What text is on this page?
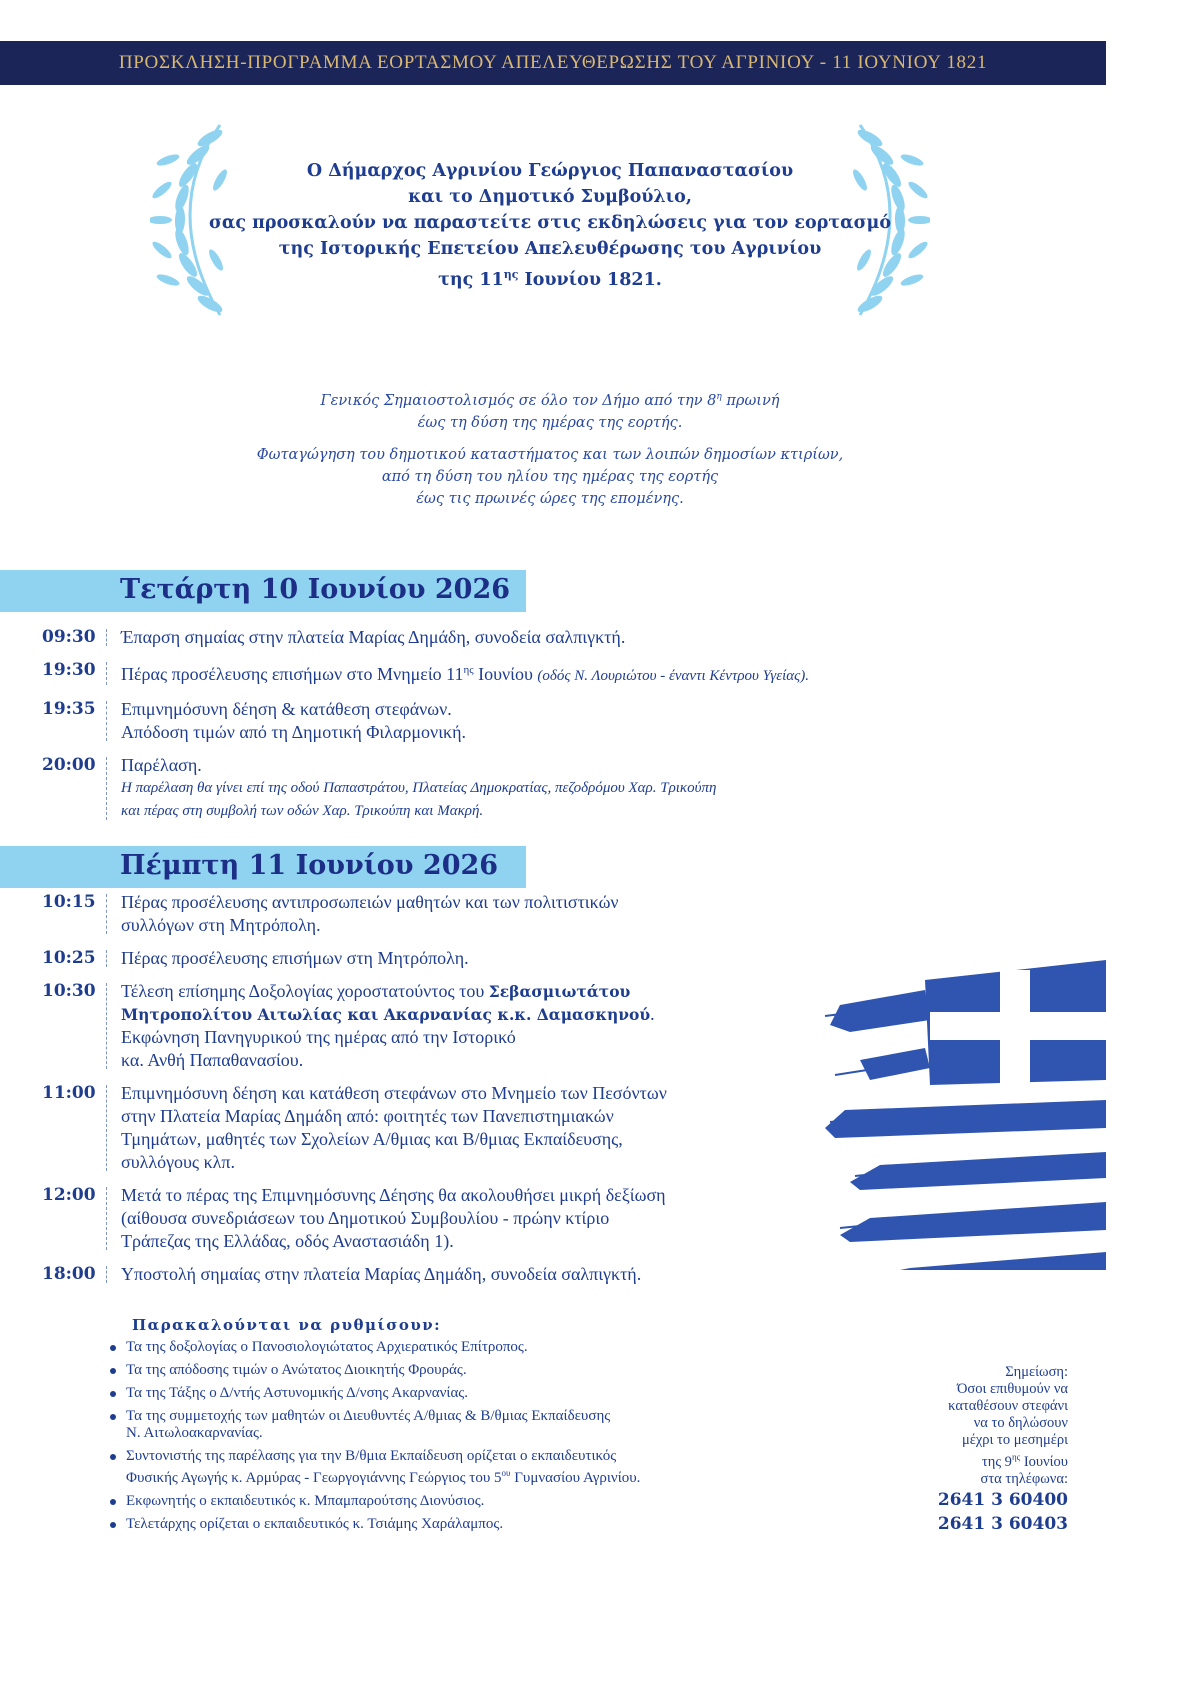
ΠΡΟΣΚΛΗΣΗ-ΠΡΟΓΡΑΜΜΑ ΕΟΡΤΑΣΜΟΥ ΑΠΕΛΕΥΘΕΡΩΣΗΣ ΤΟΥ ΑΓΡΙΝΙΟΥ - 11 ΙΟΥΝΙΟΥ 1821
Ο Δήμαρχος Αγρινίου Γεώργιος Παπαναστασίου
και το Δημοτικό Συμβούλιο,
σας προσκαλούν να παραστείτε στις εκδηλώσεις για τον εορτασμό
της Ιστορικής Επετείου Απελευθέρωσης του Αγρινίου
της $11^{\eta\varsigma}$ Ιουνίου 1821.

Γενικός Σημαιοστολισμός σε όλο τον Δήμο από την $8^\eta$ πρωινή
έως τη δύση της ημέρας της εορτής.

Φωταγώγηση του δημοτικού καταστήματος και των λοιπών δημοσίων κτιρίων,
από τη δύση του ηλίου της ημέρας της εορτής
έως τις πρωινές ώρες της επομένης.

Τετάρτη 10 Ιουνίου 2026
09:30	Έπαρση σημαίας στην πλατεία Μαρίας Δημάδη, συνοδεία σαλπιγκτή.
19:30	Πέρας προσέλευσης επισήμων στο Μνημείο $11^{\eta\varsigma}$ Ιουνίου (οδός Ν. Λουριώτου - έναντι Κέντρου Υγείας).
19:35	Επιμνημόσυνη δέηση & κατάθεση στεφάνων.
Απόδοση τιμών από τη Δημοτική Φιλαρμονική.
20:00	Παρέλαση.
Η παρέλαση θα γίνει επί της οδού Παπαστράτου, Πλατείας Δημοκρατίας, πεζοδρόμου Χαρ. Τρικούπη
και πέρας στη συμβολή των οδών Χαρ. Τρικούπη και Μακρή.
Πέμπτη 11 Ιουνίου 2026
10:15	Πέρας προσέλευσης αντιπροσωπειών μαθητών και των πολιτιστικών
συλλόγων στη Μητρόπολη.
10:25	Πέρας προσέλευσης επισήμων στη Μητρόπολη.
10:30	Τέλεση επίσημης Δοξολογίας χοροστατούντος του Σεβασμιωτάτου
Μητροπολίτου Αιτωλίας και Ακαρνανίας κ.κ. Δαμασκηνού.
Εκφώνηση Πανηγυρικού της ημέρας από την Ιστορικό
κα. Ανθή Παπαθανασίου.
11:00	Επιμνημόσυνη δέηση και κατάθεση στεφάνων στο Μνημείο των Πεσόντων
στην Πλατεία Μαρίας Δημάδη από: φοιτητές των Πανεπιστημιακών
Τμημάτων, μαθητές των Σχολείων Α/θμιας και Β/θμιας Εκπαίδευσης,
συλλόγους κλπ.
12:00	Μετά το πέρας της Επιμνημόσυνης Δέησης θα ακολουθήσει μικρή δεξίωση
(αίθουσα συνεδριάσεων του Δημοτικού Συμβουλίου - πρώην κτίριο
Τράπεζας της Ελλάδας, οδός Αναστασιάδη 1).
18:00	Υποστολή σημαίας στην πλατεία Μαρίας Δημάδη, συνοδεία σαλπιγκτή.
Παρακαλούνται να ρυθμίσουν:
Τα της δοξολογίας ο Πανοσιολογιώτατος Αρχιερατικός Επίτροπος.
Τα της απόδοσης τιμών ο Ανώτατος Διοικητής Φρουράς.
Τα της Τάξης ο Δ/ντής Αστυνομικής Δ/νσης Ακαρνανίας.
Τα της συμμετοχής των μαθητών οι Διευθυντές Α/θμιας & Β/θμιας Εκπαίδευσης
Ν. Αιτωλοακαρνανίας.
Συντονιστής της παρέλασης για την Β/θμια Εκπαίδευση ορίζεται ο εκπαιδευτικός
Φυσικής Αγωγής κ. Αρμύρας - Γεωργογιάννης Γεώργιος του $5^{o\upsilon}$ Γυμνασίου Αγρινίου.
Εκφωνητής ο εκπαιδευτικός κ. Μπαμπαρούτσης Διονύσιος.
Τελετάρχης ορίζεται ο εκπαιδευτικός κ. Τσιάμης Χαράλαμπος.
Σημείωση:
Όσοι επιθυμούν να
καταθέσουν στεφάνι
να το δηλώσουν
μέχρι το μεσημέρι
της $9^{\eta\varsigma}$ Ιουνίου
στα τηλέφωνα:
2641 3 60400
2641 3 60403
